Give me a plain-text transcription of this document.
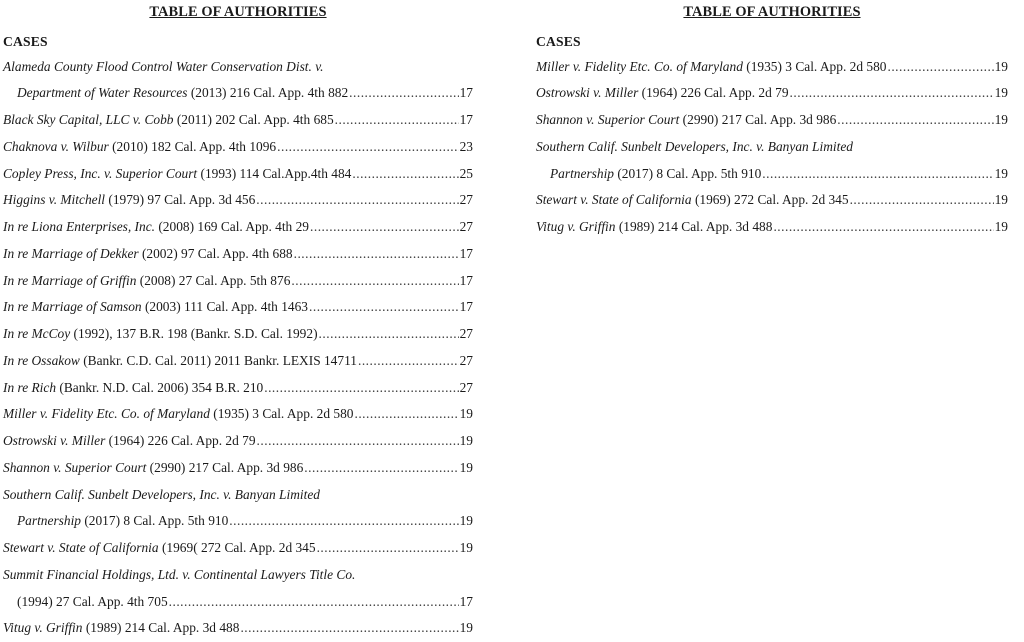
TABLE OF AUTHORITIES
CASES
Alameda County Flood Control Water Conservation Dist. v.
Department of Water Resources (2013) 216 Cal. App. 4th 882 .....	17
Black Sky Capital, LLC v. Cobb (2011) 202 Cal. App. 4th 685 .....	17
Chaknova v. Wilbur (2010) 182 Cal. App. 4th 1096 .....	23
Copley Press, Inc. v. Superior Court (1993) 114 Cal.App.4th 484 .....	25
Higgins v. Mitchell (1979) 97 Cal. App. 3d 456 .....	27
In re Liona Enterprises, Inc. (2008) 169 Cal. App. 4th 29 .....	27
In re Marriage of Dekker (2002) 97 Cal. App. 4th 688 .....	17
In re Marriage of Griffin (2008) 27 Cal. App. 5th 876 .....	17
In re Marriage of Samson (2003) 111 Cal. App. 4th 1463 .....	17
In re McCoy (1992), 137 B.R. 198 (Bankr. S.D. Cal. 1992) .....	27
In re Ossakow (Bankr. C.D. Cal. 2011) 2011 Bankr. LEXIS 14711 .....	27
In re Rich (Bankr. N.D. Cal. 2006) 354 B.R. 210 .....	27
Miller v. Fidelity Etc. Co. of Maryland (1935) 3 Cal. App. 2d 580 .....	19
Ostrowski v. Miller (1964) 226 Cal. App. 2d 79 .....	19
Shannon v. Superior Court (2990) 217 Cal. App. 3d 986 .....	19
Southern Calif. Sunbelt Developers, Inc. v. Banyan Limited
Partnership (2017) 8 Cal. App. 5th 910 .....	19
Stewart v. State of California (1969( 272 Cal. App. 2d 345 .....	19
Summit Financial Holdings, Ltd. v. Continental Lawyers Title Co.
(1994) 27 Cal. App. 4th 705 .....	17
Vitug v. Griffin (1989) 214 Cal. App. 3d 488 .....	19
TABLE OF AUTHORITIES
CASES
Miller v. Fidelity Etc. Co. of Maryland (1935) 3 Cal. App. 2d 580 .....	19
Ostrowski v. Miller (1964) 226 Cal. App. 2d 79 .....	19
Shannon v. Superior Court (2990) 217 Cal. App. 3d 986 .....	19
Southern Calif. Sunbelt Developers, Inc. v. Banyan Limited
Partnership (2017) 8 Cal. App. 5th 910 .....	19
Stewart v. State of California (1969) 272 Cal. App. 2d 345 .....	19
Vitug v. Griffin (1989) 214 Cal. App. 3d 488 .....	19
